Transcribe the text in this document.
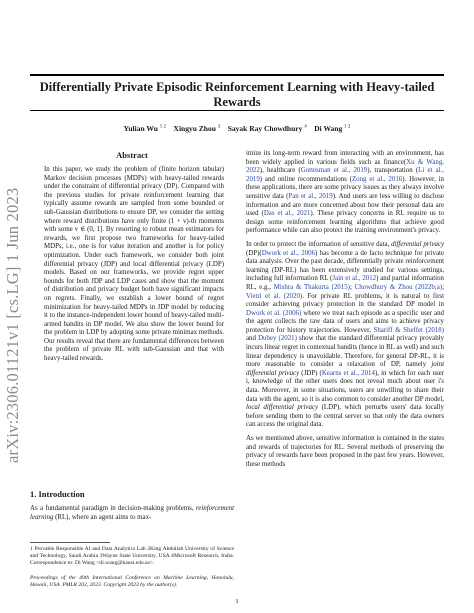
Differentially Private Episodic Reinforcement Learning with Heavy-tailed Rewards
Yulian Wu $^{1 2}$ Xingyu Zhou $^3$ Sayak Ray Chowdhury $^4$ Di Wang $^{1 2}$
arXiv:2306.01121v1 [cs.LG] 1 Jun 2023
Abstract
In this paper, we study the problem of (finite horizon tabular) Markov decision processes (MDPs) with heavy-tailed rewards under the constraint of differential privacy (DP). Compared with the previous studies for private reinforcement learning that typically assume rewards are sampled from some bounded or sub-Gaussian distributions to ensure DP, we consider the setting where reward distributions have only finite (1 + v)-th moments with some v ∈ (0, 1]. By resorting to robust mean estimators for rewards, we first propose two frameworks for heavy-tailed MDPs, i.e., one is for value iteration and another is for policy optimization. Under each framework, we consider both joint differential privacy (JDP) and local differential privacy (LDP) models. Based on our frameworks, we provide regret upper bounds for both JDP and LDP cases and show that the moment of distribution and privacy budget both have significant impacts on regrets. Finally, we establish a lower bound of regret minimization for heavy-tailed MDPs in JDP model by reducing it to the instance-independent lower bound of heavy-tailed multi-armed bandits in DP model. We also show the lower bound for the problem in LDP by adopting some private minimax methods. Our results reveal that there are fundamental differences between the problem of private RL with sub-Gaussian and that with heavy-tailed rewards.
1. Introduction
As a fundamental paradigm in decision-making problems, reinforcement learning (RL), where an agent aims to max-
1 Provable Responsible AI and Data Analytics Lab 2King Abdullah University of Science and Technology, Saudi Arabia 3Wayne State University, USA 4Microsoft Research, India. Correspondence to: Di Wang <di.wang@kaust.edu.sa>.
Proceedings of the 40th International Conference on Machine Learning, Honolulu, Hawaii, USA. PMLR 202, 2023. Copyright 2023 by the author(s).

imize its long-term reward from interacting with an environment, has been widely applied in various fields such as finance(Xu & Wang, 2022), healthcare (Gottesman et al., 2019), transportation (Li et al., 2019) and online recommendations (Zong et al., 2016). However, in these applications, there are some privacy issues as they always involve sensitive data (Pan et al., 2019). And users are less willing to disclose information and are more concerned about how their personal data are used (Das et al., 2021). These privacy concerns in RL require us to design some reinforcement learning algorithms that achieve good performance while can also protect the training environment's privacy.

In order to protect the information of sensitive data, differential privacy (DP)(Dwork et al., 2006) has become a de facto technique for private data analysis. Over the past decade, differentially private reinforcement learning (DP-RL) has been extensively studied for various settings, including full information RL (Jain et al., 2012) and partial information RL, e.g., Mishra & Thakurta (2015); Chowdhury & Zhou (2022b;a); Vietri et al. (2020). For private RL problems, it is natural to first consider achieving privacy protection in the standard DP model in Dwork et al. (2006) where we treat each episode as a specific user and the agent collects the raw data of users and aims to achieve privacy protection for history trajectories. However, Shariff & Sheffet (2018) and Dubey (2021) show that the standard differential privacy provably incurs linear regret in contextual bandits (hence in RL as well) and such linear dependency is unavoidable. Therefore, for general DP-RL, it is more reasonable to consider a relaxation of DP, namely joint differential privacy (JDP) (Kearns et al., 2014), in which for each user i, knowledge of the other users does not reveal much about user i's data. Moreover, in some situations, users are unwilling to share their data with the agent, so it is also common to consider another DP model, local differential privacy (LDP), which perturbs users' data locally before sending them to the central server so that only the data owners can access the original data.

As we mentioned above, sensitive information is contained in the states and rewards of trajectories for RL. Several methods of preserving the privacy of rewards have been proposed in the past few years. However, these methods

1
